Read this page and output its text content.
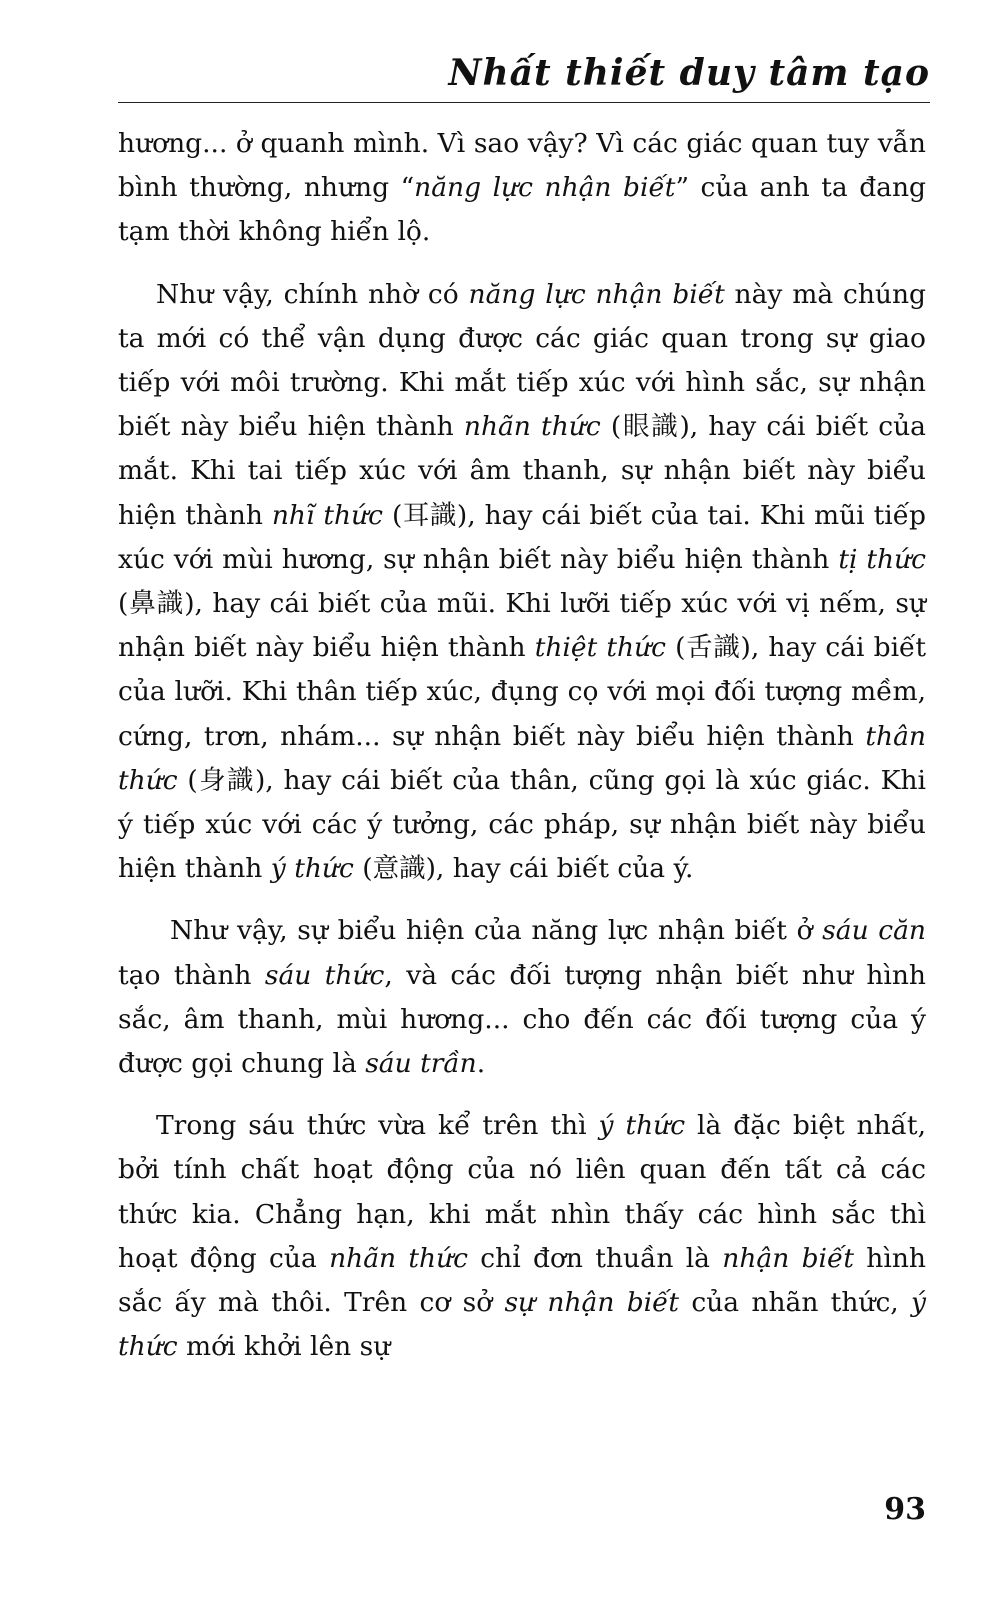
Nhất thiết duy tâm tạo

hương... ở quanh mình. Vì sao vậy? Vì các giác quan tuy vẫn bình thường, nhưng “năng lực nhận biết” của anh ta đang tạm thời không hiển lộ.

Như vậy, chính nhờ có năng lực nhận biết này mà chúng ta mới có thể vận dụng được các giác quan trong sự giao tiếp với môi trường. Khi mắt tiếp xúc với hình sắc, sự nhận biết này biểu hiện thành nhãn thức (眼識), hay cái biết của mắt. Khi tai tiếp xúc với âm thanh, sự nhận biết này biểu hiện thành nhĩ thức (耳識), hay cái biết của tai. Khi mũi tiếp xúc với mùi hương, sự nhận biết này biểu hiện thành tị thức (鼻識), hay cái biết của mũi. Khi lưỡi tiếp xúc với vị nếm, sự nhận biết này biểu hiện thành thiệt thức (舌識), hay cái biết của lưỡi. Khi thân tiếp xúc, đụng cọ với mọi đối tượng mềm, cứng, trơn, nhám... sự nhận biết này biểu hiện thành thân thức (身識), hay cái biết của thân, cũng gọi là xúc giác. Khi ý tiếp xúc với các ý tưởng, các pháp, sự nhận biết này biểu hiện thành ý thức (意識), hay cái biết của ý.

Như vậy, sự biểu hiện của năng lực nhận biết ở sáu căn tạo thành sáu thức, và các đối tượng nhận biết như hình sắc, âm thanh, mùi hương... cho đến các đối tượng của ý được gọi chung là sáu trần.

Trong sáu thức vừa kể trên thì ý thức là đặc biệt nhất, bởi tính chất hoạt động của nó liên quan đến tất cả các thức kia. Chẳng hạn, khi mắt nhìn thấy các hình sắc thì hoạt động của nhãn thức chỉ đơn thuần là nhận biết hình sắc ấy mà thôi. Trên cơ sở sự nhận biết của nhãn thức, ý thức mới khởi lên sự

93
